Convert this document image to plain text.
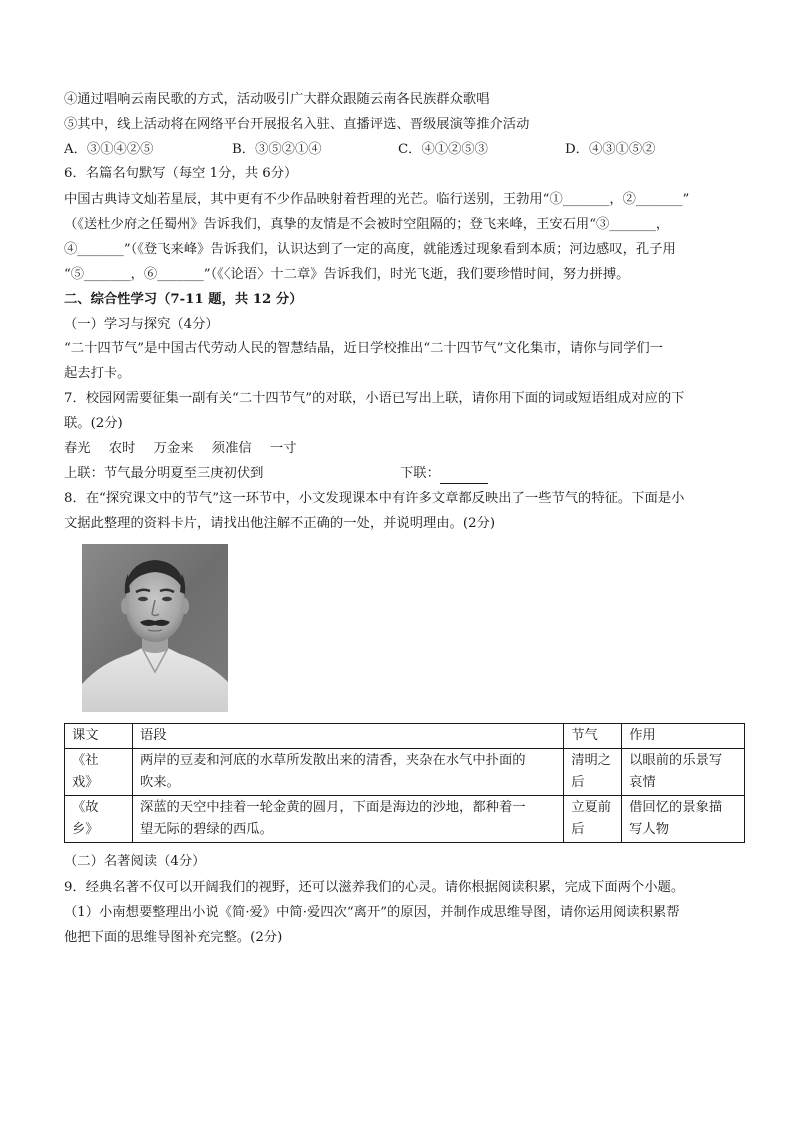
④通过唱响云南民歌的方式，活动吸引广大群众跟随云南各民族群众歌唱
⑤其中，线上活动将在网络平台开展报名入驻、直播评选、晋级展演等推介活动
A．③①④②⑤	B．③⑤②①④	C．④①②⑤③	D．④③①⑤②
6．名篇名句默写（每空 1分，共 6分）
中国古典诗文灿若星辰，其中更有不少作品映射着哲理的光芒。临行送别，王勃用“①_______，②_______”
（《送杜少府之任蜀州》告诉我们，真挚的友情是不会被时空阻隔的；登飞来峰，王安石用“③_______，
④_______”（《登飞来峰》告诉我们，认识达到了一定的高度，就能透过现象看到本质；河边感叹，孔子用
“⑤_______，⑥_______”（《〈论语〉十二章》告诉我们，时光飞逝，我们要珍惜时间，努力拼搏。
二、综合性学习（7-11 题，共 12 分）
（一）学习与探究（4分）
“二十四节气”是中国古代劳动人民的智慧结晶，近日学校推出“二十四节气”文化集市，请你与同学们一
起去打卡。
7．校园网需要征集一副有关“二十四节气”的对联，小语已写出上联，请你用下面的词或短语组成对应的下
联。(2分)
春光 农时 万金来 须准信 一寸
上联：节气最分明夏至三庚初伏到	下联：
8．在“探究课文中的节气”这一环节中，小文发现课本中有许多文章都反映出了一些节气的特征。下面是小
文据此整理的资料卡片，请找出他注解不正确的一处，并说明理由。(2分)
课文	语段	节气	作用
《社
戏》	两岸的豆麦和河底的水草所发散出来的清香，夹杂在水气中扑面的
吹来。	清明之
后	以眼前的乐景写
哀情
《故
乡》	深蓝的天空中挂着一轮金黄的圆月，下面是海边的沙地，都种着一
望无际的碧绿的西瓜。	立夏前
后	借回忆的景象描
写人物
（二）名著阅读（4分）
9．经典名著不仅可以开阔我们的视野，还可以滋养我们的心灵。请你根据阅读积累，完成下面两个小题。
（1）小南想要整理出小说《简·爱》中简·爱四次“离开”的原因，并制作成思维导图，请你运用阅读积累帮
他把下面的思维导图补充完整。(2分)
